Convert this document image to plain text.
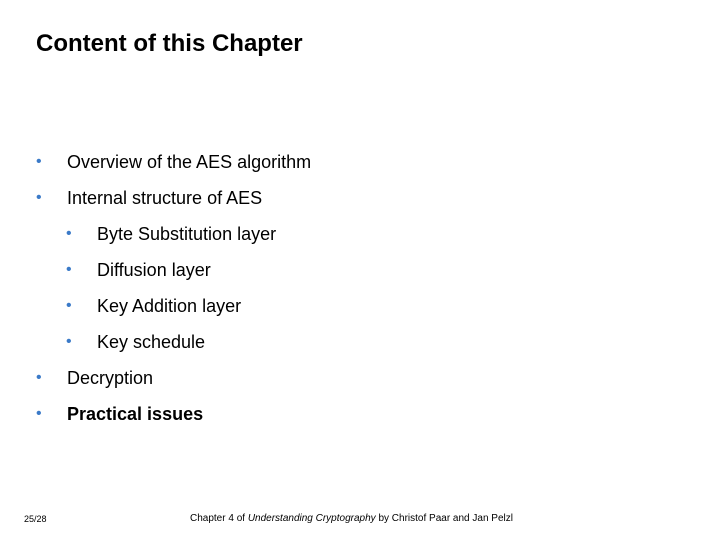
Content of this Chapter
• Overview of the AES algorithm
• Internal structure of AES
• Byte Substitution layer
• Diffusion layer
• Key Addition layer
• Key schedule
• Decryption
• Practical issues
25/28	Chapter 4 of Understanding Cryptography by Christof Paar and Jan Pelzl
